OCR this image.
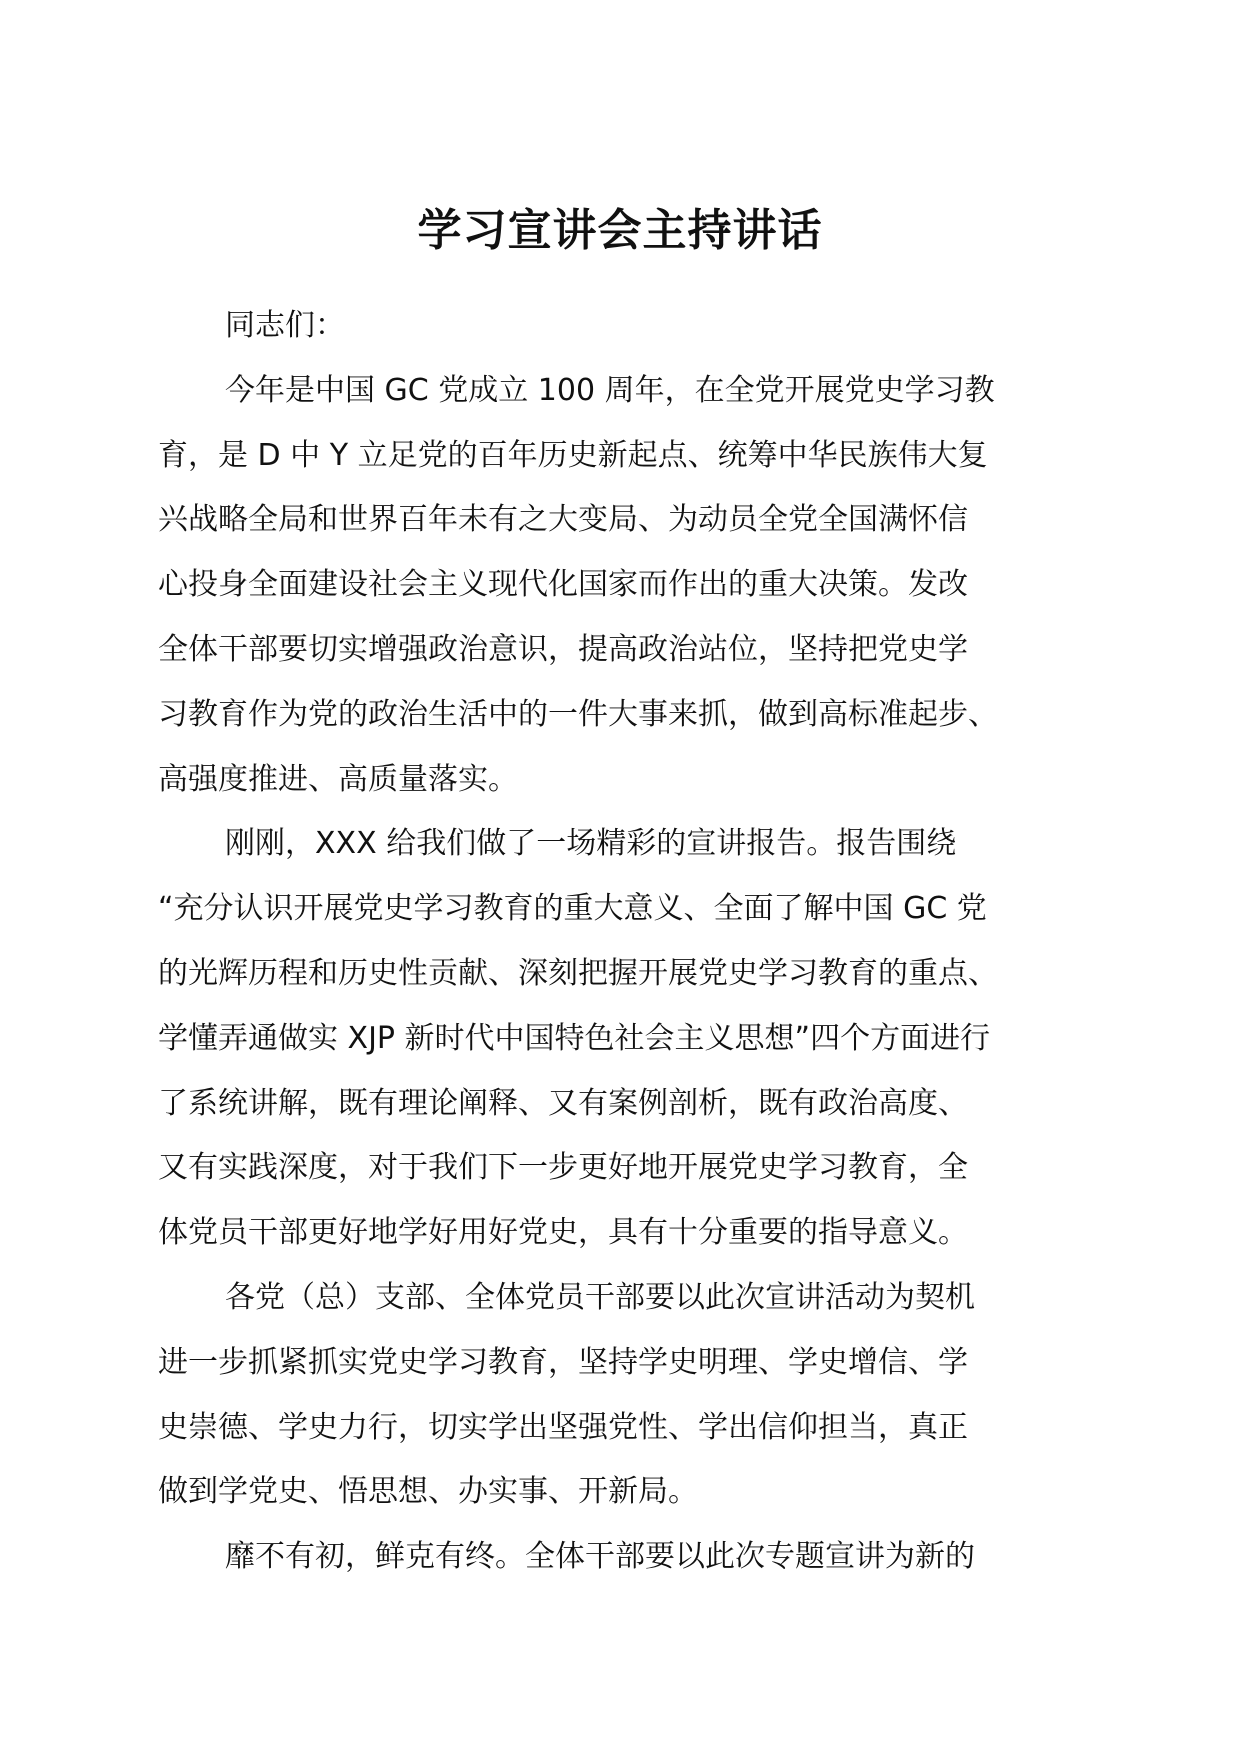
学习宣讲会主持讲话

同志们：

今年是中国 GC 党成立 100 周年，在全党开展党史学习教

育，是 D 中 Y 立足党的百年历史新起点、统筹中华民族伟大复

兴战略全局和世界百年未有之大变局、为动员全党全国满怀信

心投身全面建设社会主义现代化国家而作出的重大决策。发改

全体干部要切实增强政治意识，提高政治站位，坚持把党史学

习教育作为党的政治生活中的一件大事来抓，做到高标准起步、

高强度推进、高质量落实。

刚刚，XXX 给我们做了一场精彩的宣讲报告。报告围绕

“充分认识开展党史学习教育的重大意义、全面了解中国 GC 党

的光辉历程和历史性贡献、深刻把握开展党史学习教育的重点、

学懂弄通做实 XJP 新时代中国特色社会主义思想”四个方面进行

了系统讲解，既有理论阐释、又有案例剖析，既有政治高度、

又有实践深度，对于我们下一步更好地开展党史学习教育，全

体党员干部更好地学好用好党史，具有十分重要的指导意义。

各党（总）支部、全体党员干部要以此次宣讲活动为契机

进一步抓紧抓实党史学习教育，坚持学史明理、学史增信、学

史崇德、学史力行，切实学出坚强党性、学出信仰担当，真正

做到学党史、悟思想、办实事、开新局。

靡不有初，鲜克有终。全体干部要以此次专题宣讲为新的
